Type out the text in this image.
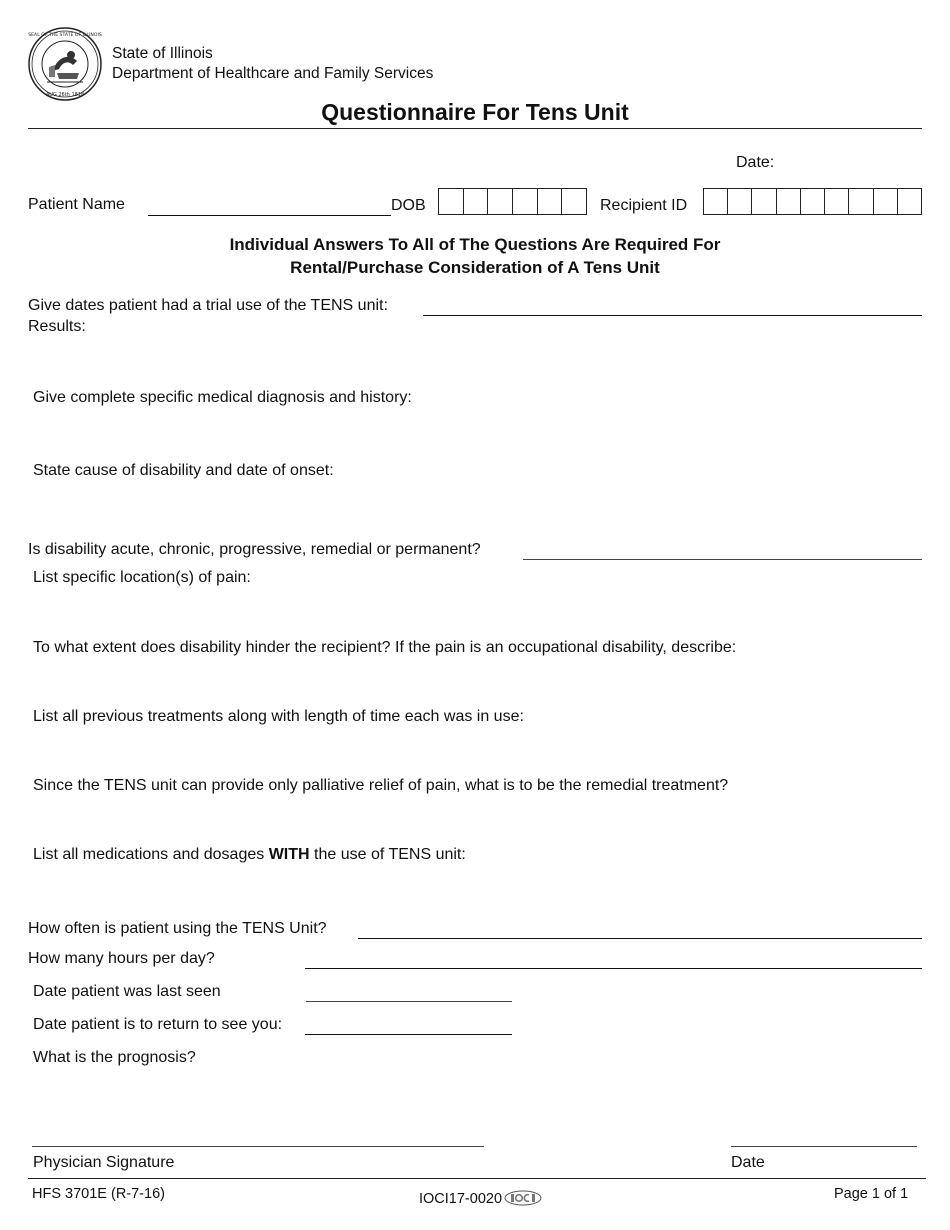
AUG 26th 1818
SEAL OF THE STATE OF ILLINOIS
State of Illinois
Department of Healthcare and Family Services
Questionnaire For Tens Unit
Date:
Patient Name	DOB	Recipient ID
Individual Answers To All of The Questions Are Required For
Rental/Purchase Consideration of A Tens Unit
Give dates patient had a trial use of the TENS unit:
Results:
Give complete specific medical diagnosis and history:
State cause of disability and date of onset:
Is disability acute, chronic, progressive, remedial or permanent?
List specific location(s) of pain:
To what extent does disability hinder the recipient? If the pain is an occupational disability, describe:
List all previous treatments along with length of time each was in use:
Since the TENS unit can provide only palliative relief of pain, what is to be the remedial treatment?
List all medications and dosages WITH the use of TENS unit:
How often is patient using the TENS Unit?
How many hours per day?
Date patient was last seen
Date patient is to return to see you:
What is the prognosis?
Physician Signature	Date
HFS 3701E (R-7-16)	IOCI17-0020	Page 1 of 1
